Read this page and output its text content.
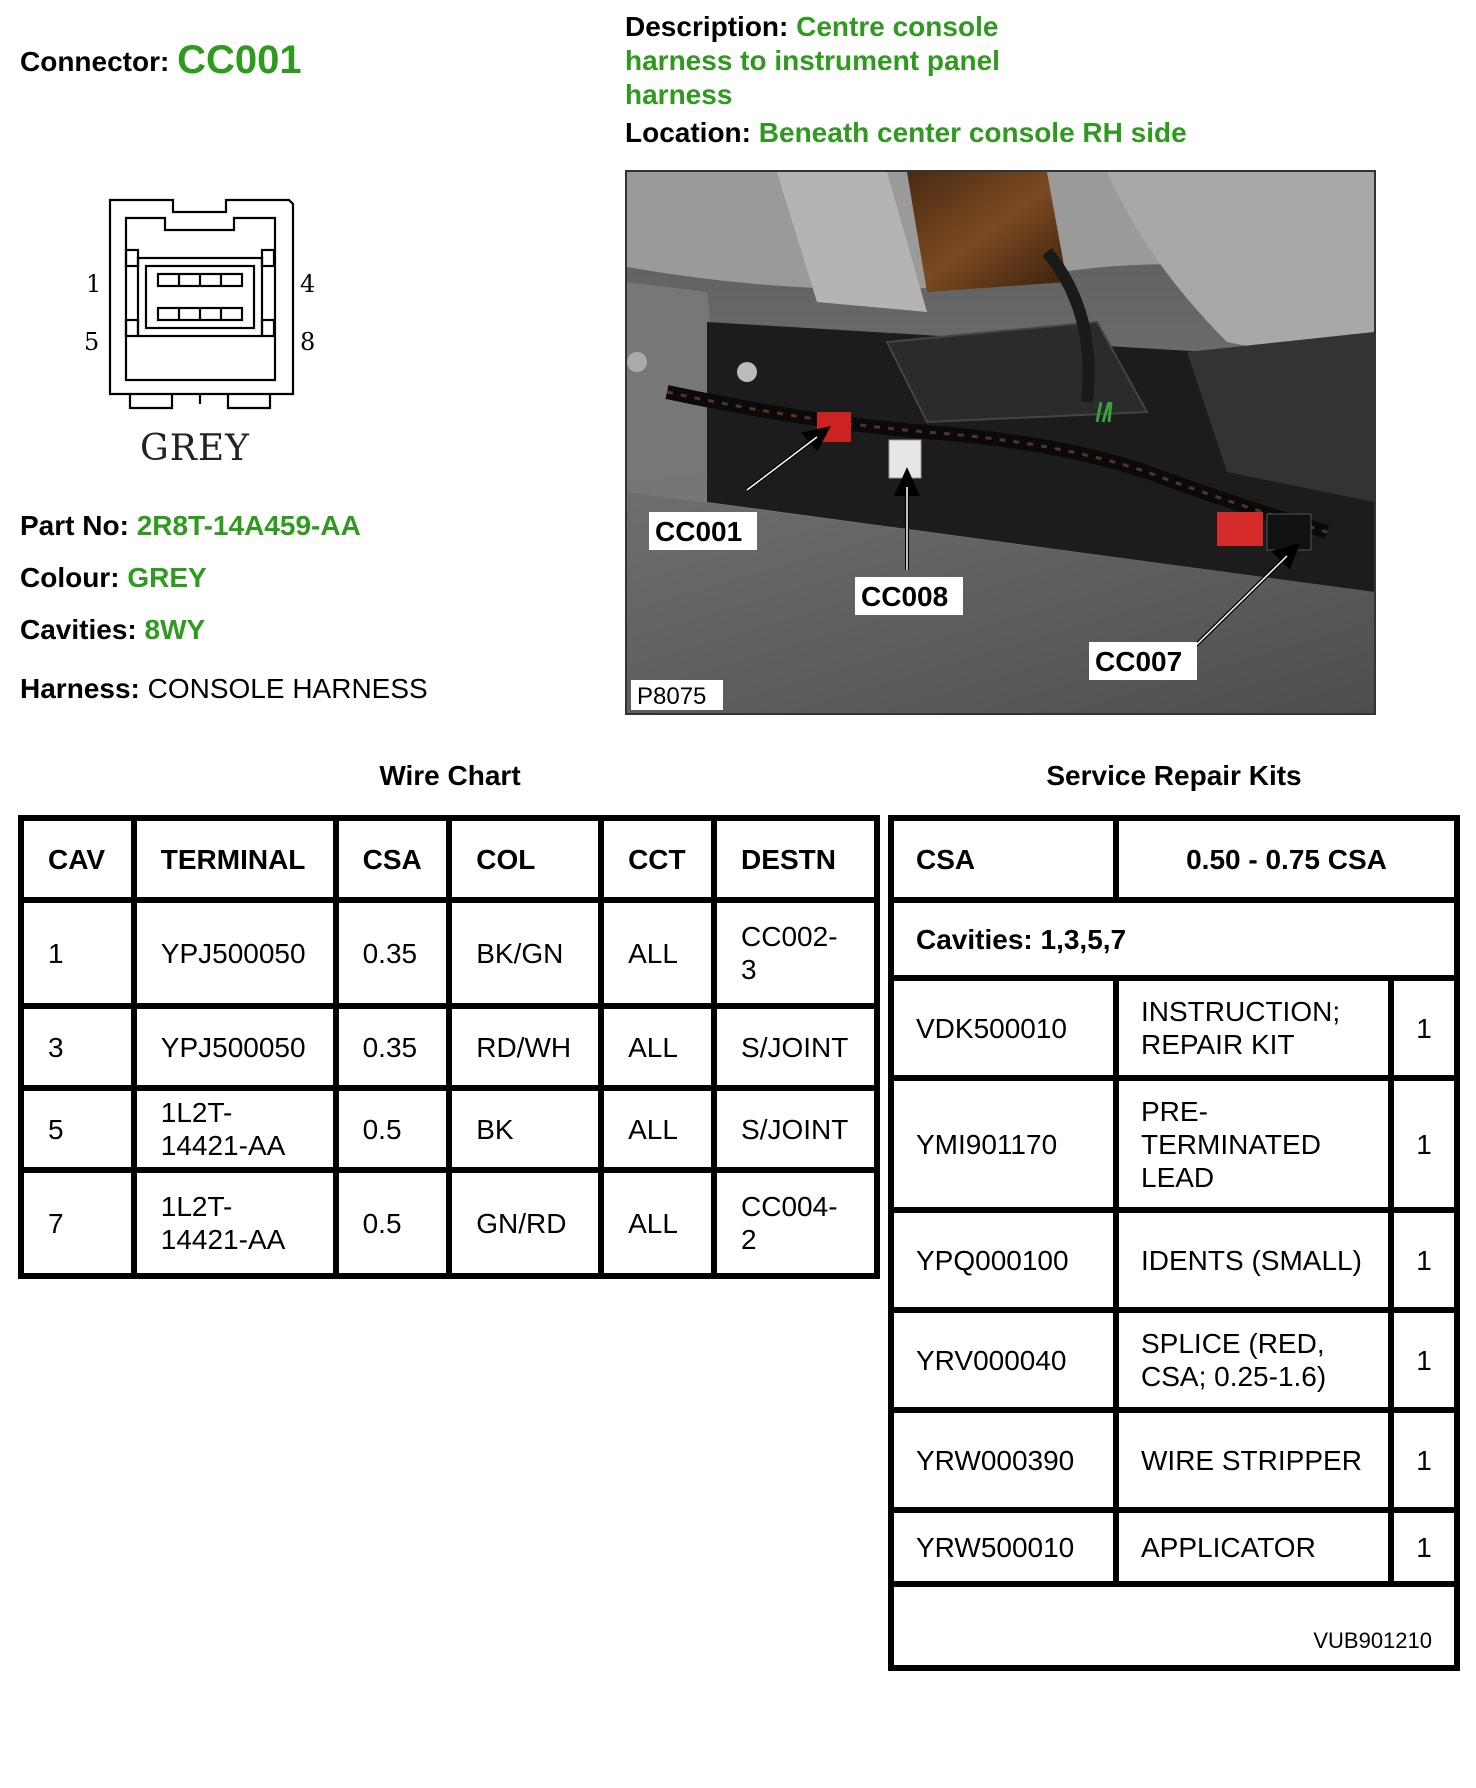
Connector: CC001
Description: Centre console harness to instrument panel harness
Location: Beneath center console RH side
1	4
5	8
GREY
Part No: 2R8T-14A459-AA
Colour: GREY
Cavities: 8WY
Harness: CONSOLE HARNESS
CC001
CC008
CC007
P8075
Wire Chart	Service Repair Kits
CAV	TERMINAL	CSA	COL	CCT	DESTN
1	YPJ500050	0.35	BK/GN	ALL	CC002-3
3	YPJ500050	0.35	RD/WH	ALL	S/JOINT
5	1L2T-14421-AA	0.5	BK	ALL	S/JOINT
7	1L2T-14421-AA	0.5	GN/RD	ALL	CC004-2
CSA	0.50 - 0.75 CSA	
Cavities: 1,3,5,7		
VDK500010	INSTRUCTION; REPAIR KIT	1
YMI901170	PRE-TERMINATED LEAD	1
YPQ000100	IDENTS (SMALL)	1
YRV000040	SPLICE (RED, CSA; 0.25-1.6)	1
YRW000390	WIRE STRIPPER	1
YRW500010	APPLICATOR	1
VUB901210		
